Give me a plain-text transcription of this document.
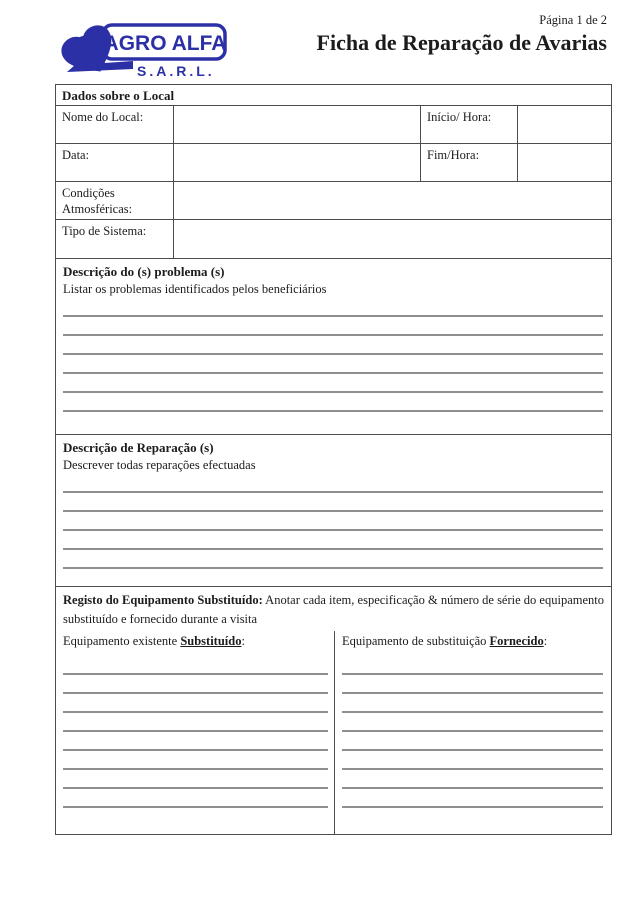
AGRO ALFA
S.A.R.L.
Página 1 de 2
Ficha de Reparação de Avarias
Dados sobre o Local
Nome do Local:	Início/ Hora:
Data:	Fim/Hora:
Condições Atmosféricas:
Tipo de Sistema:
Descrição do (s) problema (s)
Listar os problemas identificados pelos beneficiários
Descrição de Reparação (s)
Descrever todas reparações efectuadas
Registo do Equipamento Substituído: Anotar cada item, especificação & número de série do equipamento substituído e fornecido durante a visita
Equipamento existente Substituído:	Equipamento de substituição Fornecido:
